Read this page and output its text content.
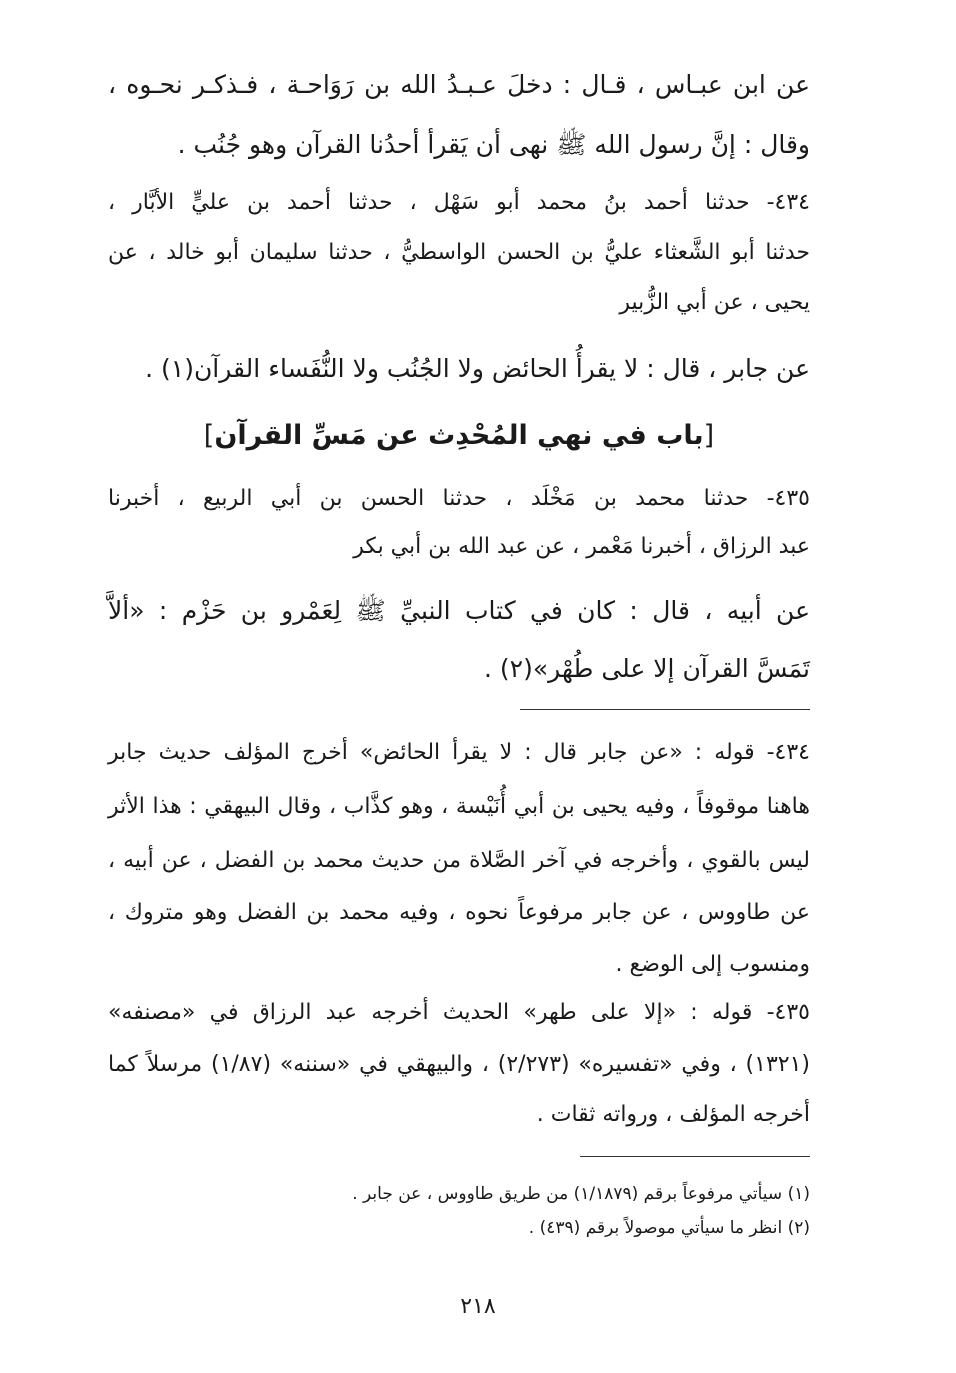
عن ابن عبـاس ، قـال : دخلَ عـبـدُ الله بن رَوَاحـة ، فـذكـر نحـوه ،
وقال : إنَّ رسول الله ﷺ نهى أن يَقرأ أحدُنا القرآن وهو جُنُب .
٤٣٤- حدثنا أحمد بنُ محمد أبو سَهْل ، حدثنا أحمد بن عليٍّ الأبَّار ،
حدثنا أبو الشَّعثاء عليُّ بن الحسن الواسطيُّ ، حدثنا سليمان أبو خالد ، عن
يحيى ، عن أبي الزُّبير
عن جابر ، قال : لا يقرأُ الحائض ولا الجُنُب ولا النُّفَساء القرآن(١) .
[باب في نهي المُحْدِث عن مَسِّ القرآن]
٤٣٥- حدثنا محمد بن مَخْلَد ، حدثنا الحسن بن أبي الربيع ، أخبرنا
عبد الرزاق ، أخبرنا مَعْمر ، عن عبد الله بن أبي بكر
عن أبيه ، قال : كان في كتاب النبيِّ ﷺ لِعَمْرو بن حَزْم : «ألاَّ
تَمَسَّ القرآن إلا على طُهْر»(٢) .
٤٣٤- قوله : «عن جابر قال : لا يقرأ الحائض» أخرج المؤلف حديث جابر
هاهنا موقوفاً ، وفيه يحيى بن أبي أُنَيْسة ، وهو كذَّاب ، وقال البيهقي : هذا الأثر
ليس بالقوي ، وأخرجه في آخر الصَّلاة من حديث محمد بن الفضل ، عن أبيه ،
عن طاووس ، عن جابر مرفوعاً نحوه ، وفيه محمد بن الفضل وهو متروك ،
ومنسوب إلى الوضع .
٤٣٥- قوله : «إلا على طهر» الحديث أخرجه عبد الرزاق في «مصنفه»
(١٣٢١) ، وفي «تفسيره» (٢/٢٧٣) ، والبيهقي في «سننه» (١/٨٧) مرسلاً كما
أخرجه المؤلف ، ورواته ثقات .
(١) سيأتي مرفوعاً برقم (١/١٨٧٩) من طريق طاووس ، عن جابر .
(٢) انظر ما سيأتي موصولاً برقم (٤٣٩) .
٢١٨
